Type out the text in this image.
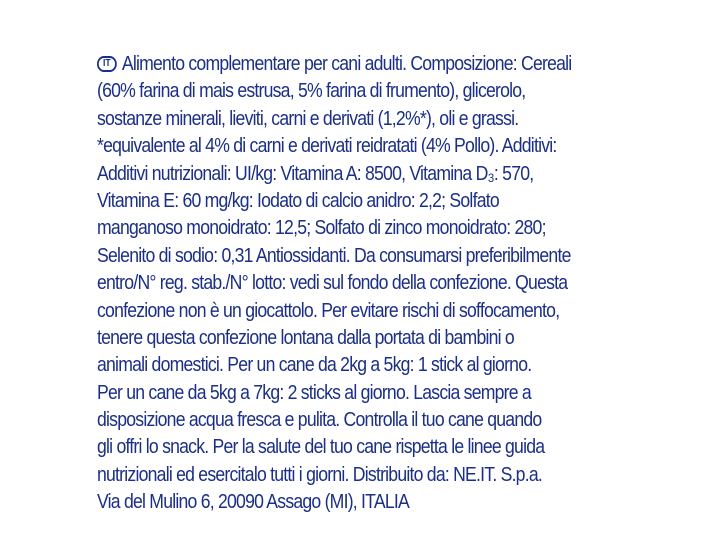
IT Alimento complementare per cani adulti. Composizione: Cereali
(60% farina di mais estrusa, 5% farina di frumento), glicerolo,
sostanze minerali, lieviti, carni e derivati (1,2%*), oli e grassi.
*equivalente al 4% di carni e derivati reidratati (4% Pollo). Additivi:
Additivi nutrizionali: UI/kg: Vitamina A: 8500, Vitamina D₃: 570,
Vitamina E: 60 mg/kg: Iodato di calcio anidro: 2,2; Solfato
manganoso monoidrato: 12,5; Solfato di zinco monoidrato: 280;
Selenito di sodio: 0,31 Antiossidanti. Da consumarsi preferibilmente
entro/N° reg. stab./N° lotto: vedi sul fondo della confezione. Questa
confezione non è un giocattolo. Per evitare rischi di soffocamento,
tenere questa confezione lontana dalla portata di bambini o
animali domestici. Per un cane da 2kg a 5kg: 1 stick al giorno.
Per un cane da 5kg a 7kg: 2 sticks al giorno. Lascia sempre a
disposizione acqua fresca e pulita. Controlla il tuo cane quando
gli offri lo snack. Per la salute del tuo cane rispetta le linee guida
nutrizionali ed esercitalo tutti i giorni. Distribuito da: NE.IT. S.p.a.
Via del Mulino 6, 20090 Assago (MI), ITALIA
